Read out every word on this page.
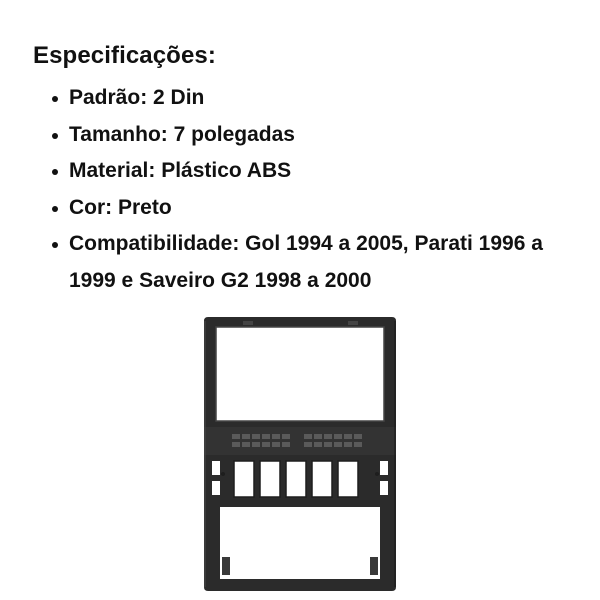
Especificações:
Padrão: 2 Din
Tamanho: 7 polegadas
Material: Plástico ABS
Cor: Preto
Compatibilidade: Gol 1994 a 2005, Parati 1996 a 1999 e Saveiro G2 1998 a 2000
